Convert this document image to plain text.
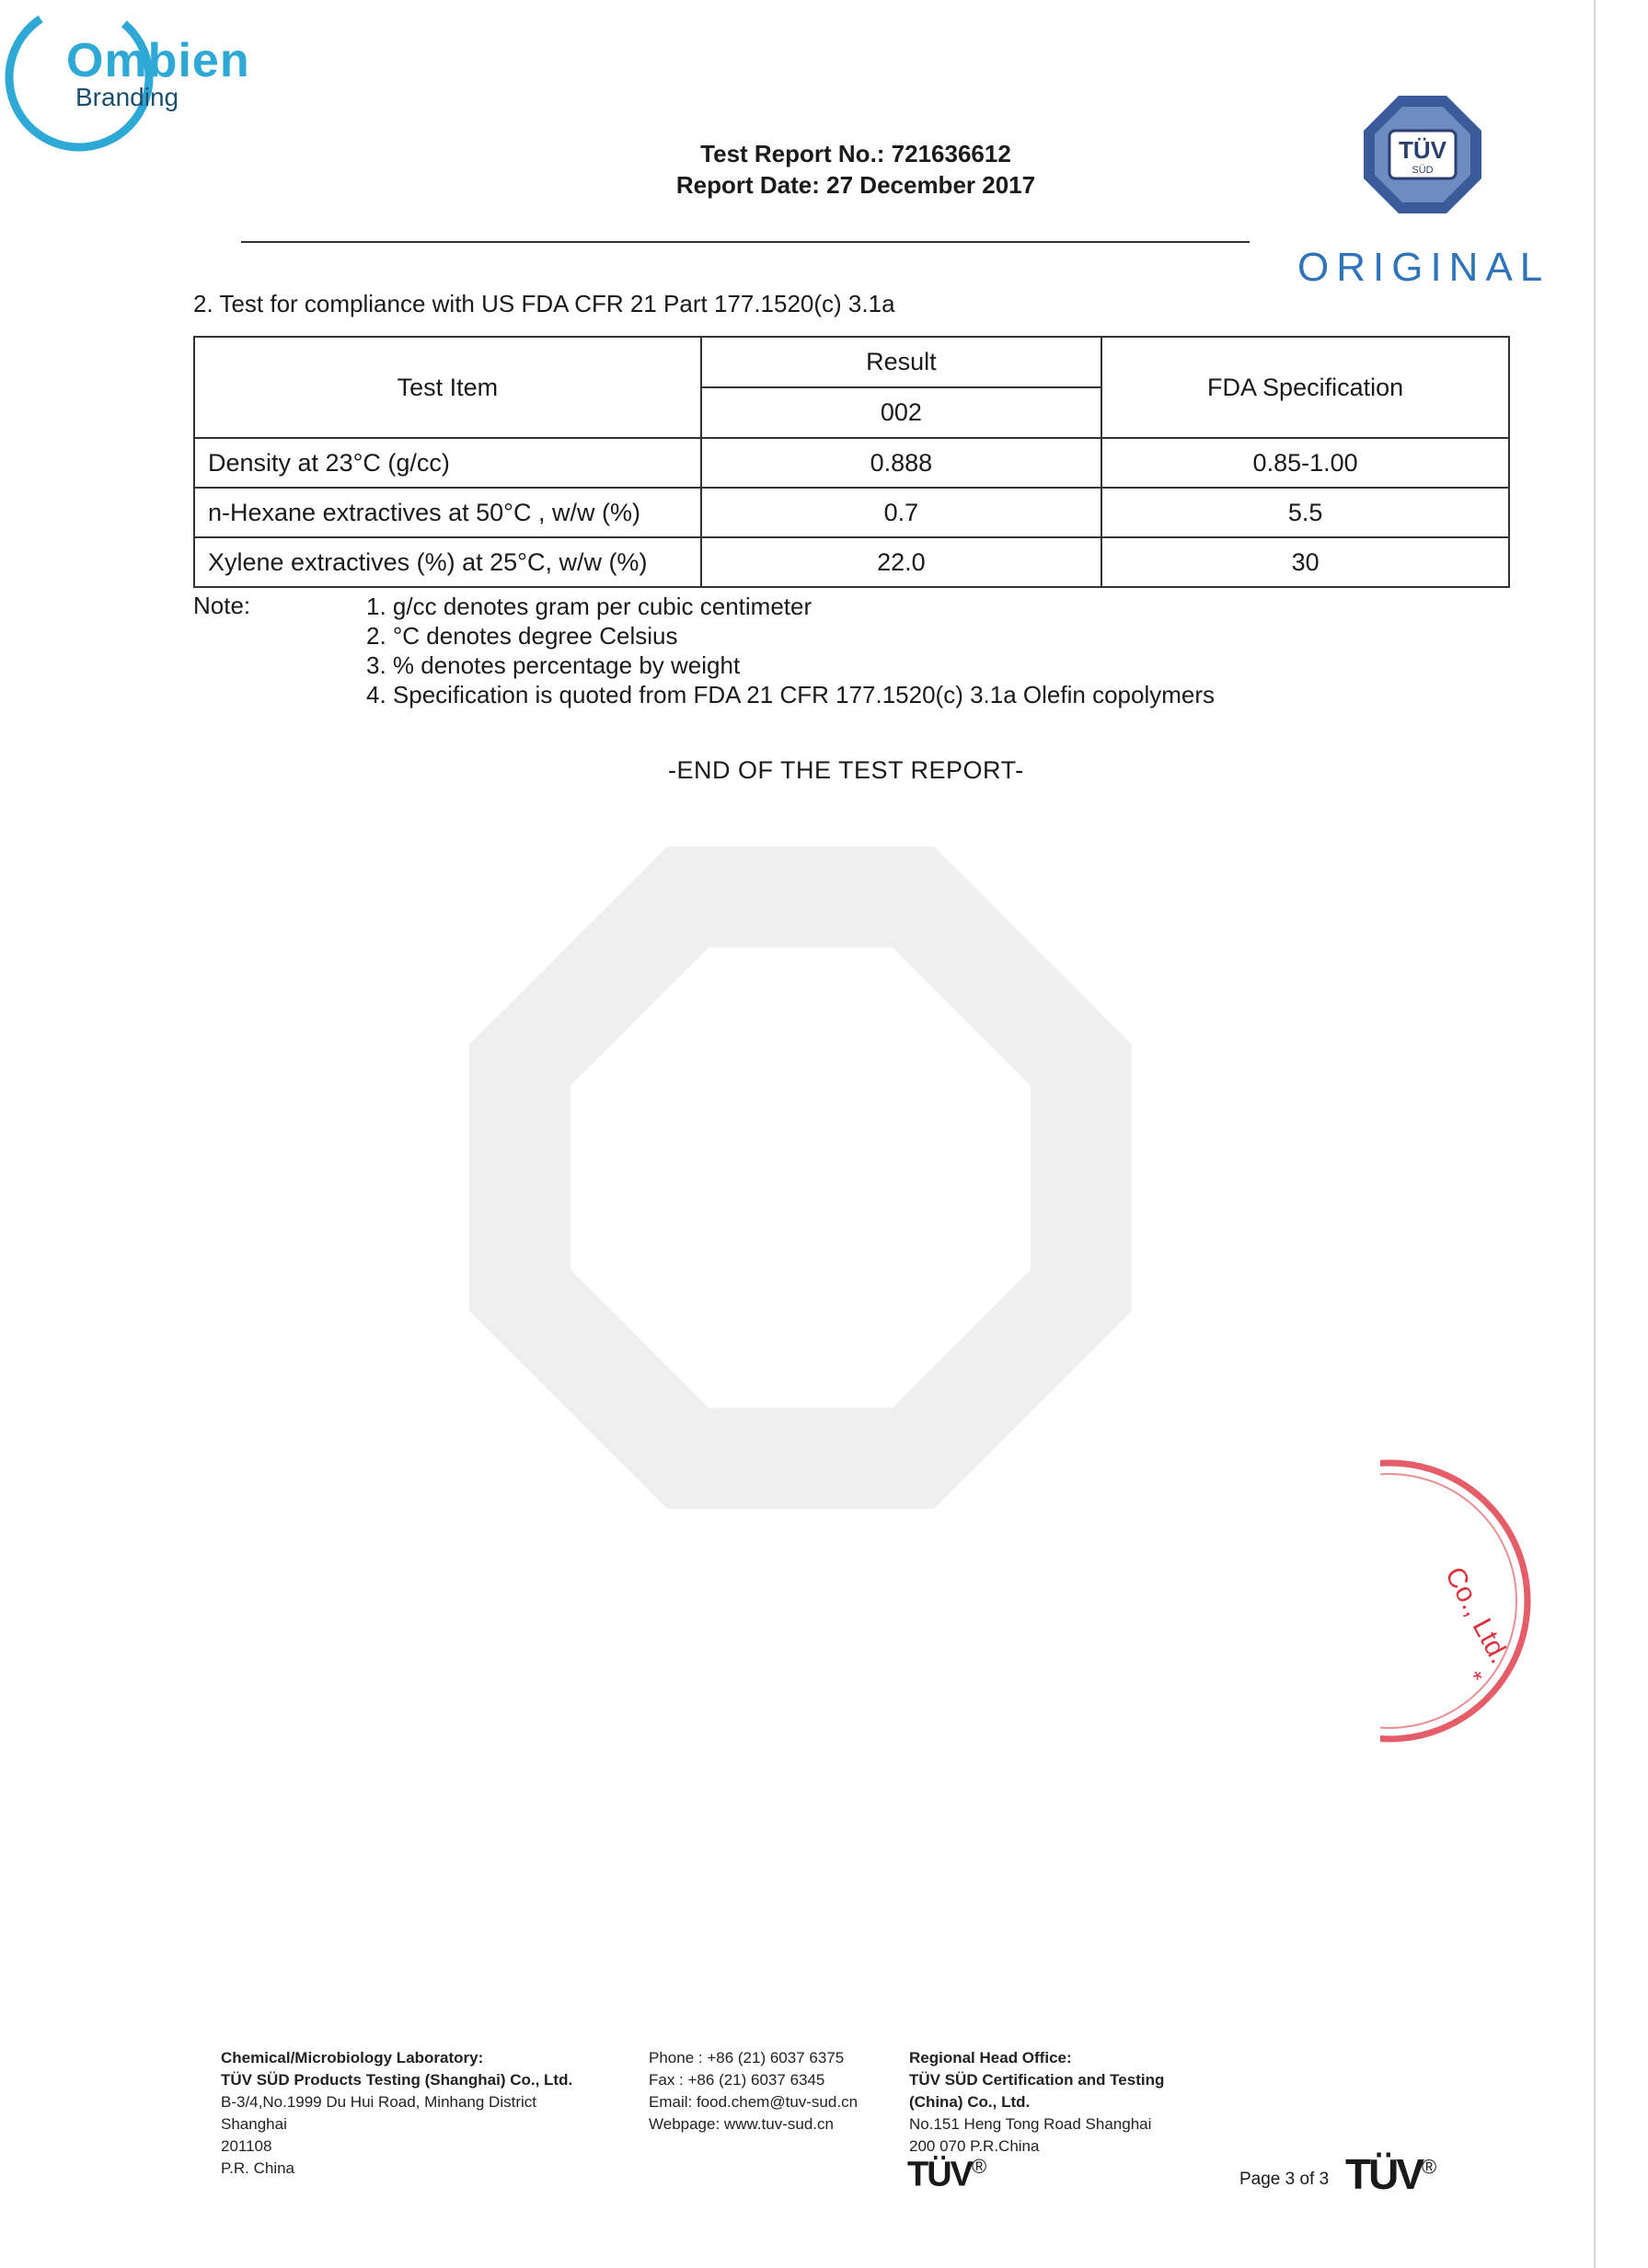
Ombien
Branding
Test Report No.: 721636612
Report Date: 27 December 2017
TÜV
SÜD
ORIGINAL
2. Test for compliance with US FDA CFR 21 Part 177.1520(c) 3.1a
Test Item	Result	FDA Specification
	002	
Density at 23°C (g/cc)	0.888	0.85-1.00
n-Hexane extractives at 50°C , w/w (%)	0.7	5.5
Xylene extractives (%) at 25°C, w/w (%)	22.0	30
Note:	1. g/cc denotes gram per cubic centimeter
2. °C denotes degree Celsius
3. % denotes percentage by weight
4. Specification is quoted from FDA 21 CFR 177.1520(c) 3.1a Olefin copolymers
-END OF THE TEST REPORT-
Co., Ltd.
*
Chemical/Microbiology Laboratory:
TÜV SÜD Products Testing (Shanghai) Co., Ltd.
B-3/4,No.1999 Du Hui Road, Minhang District
Shanghai
201108
P.R. China
Phone : +86 (21) 6037 6375
Fax : +86 (21) 6037 6345
Email: food.chem@tuv-sud.cn
Webpage: www.tuv-sud.cn
Regional Head Office:
TÜV SÜD Certification and Testing
(China) Co., Ltd.
No.151 Heng Tong Road Shanghai
200 070 P.R.China
TÜV®
Page 3 of 3 TÜV®
